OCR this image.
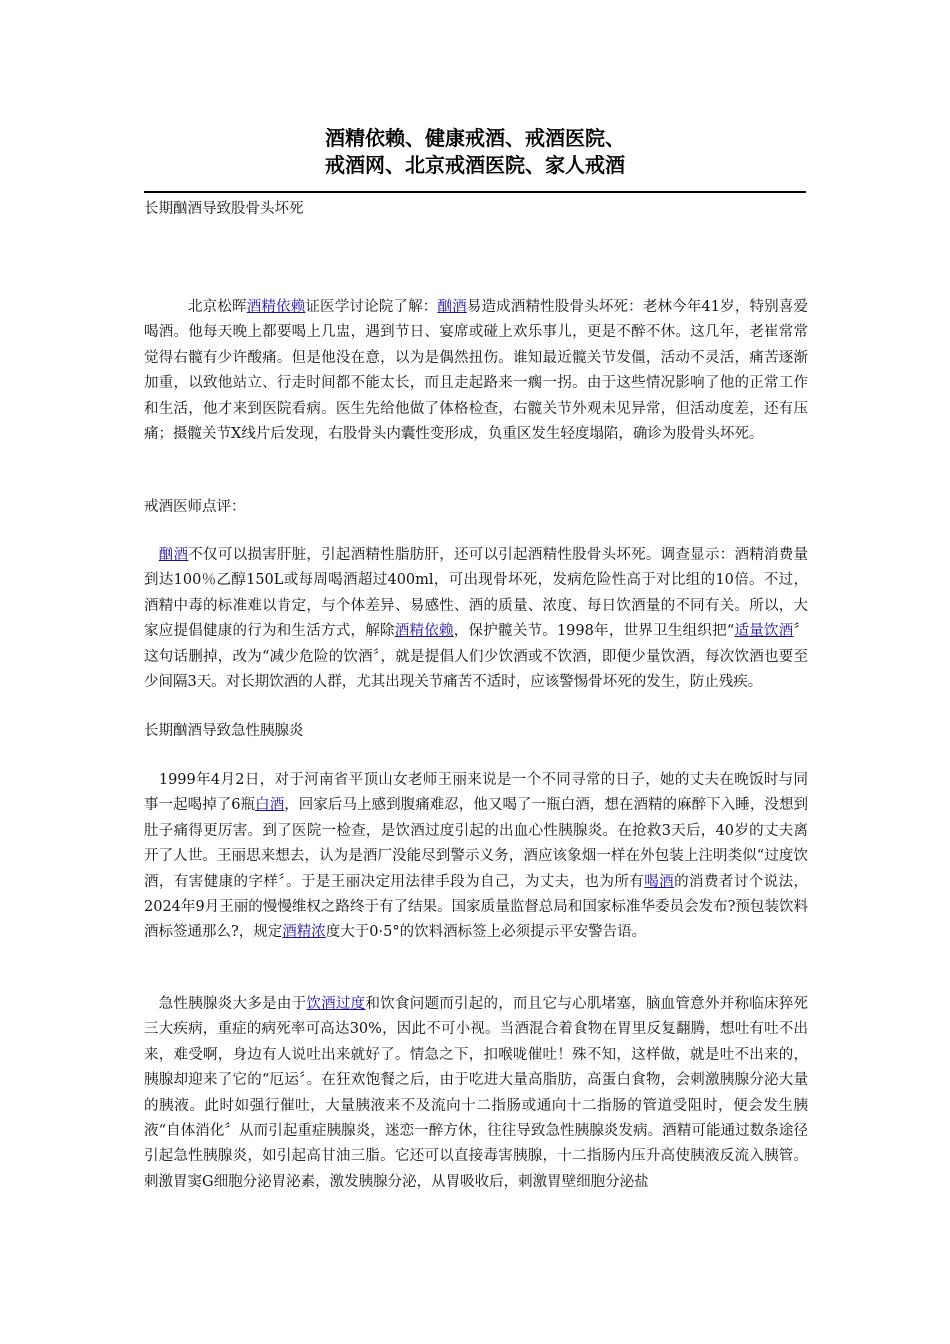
酒精依赖、健康戒酒、戒酒医院、
戒酒网、北京戒酒医院、家人戒酒
长期酗酒导致股骨头坏死

　　　北京松晖酒精依赖证医学讨论院了解：酗酒易造成酒精性股骨头坏死：老林今年41岁，特别喜爱喝酒。他每天晚上都要喝上几盅，遇到节日、宴席或碰上欢乐事儿，更是不醉不休。这几年，老崔常常觉得右髋有少许酸痛。但是他没在意，以为是偶然扭伤。谁知最近髋关节发僵，活动不灵活，痛苦逐渐加重，以致他站立、行走时间都不能太长，而且走起路来一瘸一拐。由于这些情况影响了他的正常工作和生活，他才来到医院看病。医生先给他做了体格检查，右髋关节外观未见异常，但活动度差，还有压痛；摄髋关节X线片后发现，右股骨头内囊性变形成，负重区发生轻度塌陷，确诊为股骨头坏死。

戒酒医师点评：

　酗酒不仅可以损害肝脏，引起酒精性脂肪肝，还可以引起酒精性股骨头坏死。调查显示：酒精消费量到达100％乙醇150L或每周喝酒超过400ml，可出现骨坏死，发病危险性高于对比组的10倍。不过，酒精中毒的标准难以肯定，与个体差异、易感性、酒的质量、浓度、每日饮酒量的不同有关。所以，大家应提倡健康的行为和生活方式，解除酒精依赖，保护髋关节。1998年，世界卫生组织把“适量饮酒〞这句话删掉，改为“减少危险的饮酒〞，就是提倡人们少饮酒或不饮酒，即便少量饮酒，每次饮酒也要至少间隔3天。对长期饮酒的人群，尤其出现关节痛苦不适时，应该警惕骨坏死的发生，防止残疾。

长期酗酒导致急性胰腺炎

　1999年4月2日，对于河南省平顶山女老师王丽来说是一个不同寻常的日子，她的丈夫在晚饭时与同事一起喝掉了6瓶白酒，回家后马上感到腹痛难忍，他又喝了一瓶白酒，想在酒精的麻醉下入睡，没想到肚子痛得更厉害。到了医院一检查，是饮酒过度引起的出血心性胰腺炎。在抢救3天后，40岁的丈夫离开了人世。王丽思来想去，认为是酒厂没能尽到警示义务，酒应该象烟一样在外包装上注明类似“过度饮酒，有害健康的字样〞。于是王丽决定用法律手段为自己，为丈夫，也为所有喝酒的消费者讨个说法，2024年9月王丽的慢慢维权之路终于有了结果。国家质量监督总局和国家标准华委员会发布?预包装饮料酒标签通那么?，规定酒精浓度大于0·5°的饮料酒标签上必须提示平安警告语。

　急性胰腺炎大多是由于饮酒过度和饮食问题而引起的，而且它与心肌堵塞，脑血管意外并称临床猝死三大疾病，重症的病死率可高达30%，因此不可小视。当酒混合着食物在胃里反复翻腾，想吐有吐不出来，难受啊，身边有人说吐出来就好了。情急之下，扣喉咙催吐！殊不知，这样做，就是吐不出来的，胰腺却迎来了它的“厄运〞。在狂欢饱餐之后，由于吃进大量高脂肪，高蛋白食物，会刺激胰腺分泌大量的胰液。此时如强行催吐，大量胰液来不及流向十二指肠或通向十二指肠的管道受阻时，便会发生胰液“自体消化〞从而引起重症胰腺炎，迷恋一醉方休，往往导致急性胰腺炎发病。酒精可能通过数条途径引起急性胰腺炎，如引起高甘油三脂。它还可以直接毒害胰腺，十二指肠内压升高使胰液反流入胰管。刺激胃窦G细胞分泌胃泌素，激发胰腺分泌，从胃吸收后，刺激胃壁细胞分泌盐
